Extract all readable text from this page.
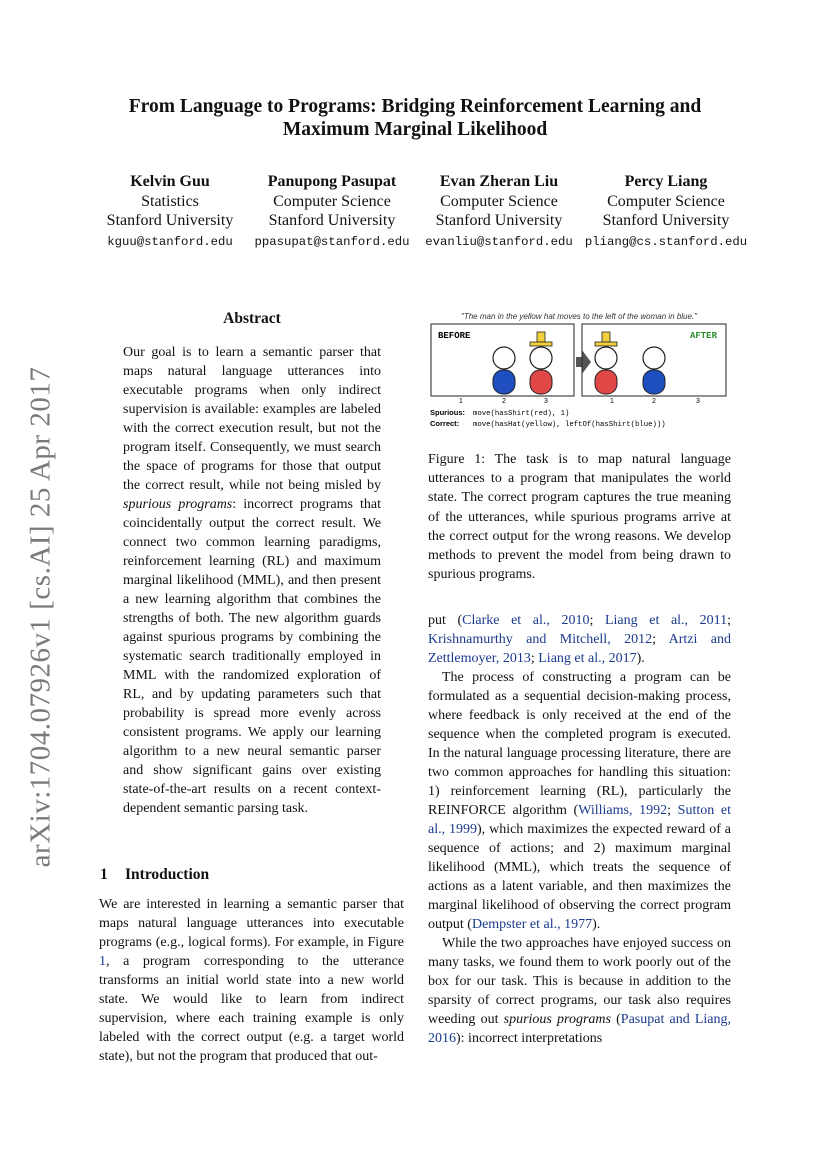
arXiv:1704.07926v1 [cs.AI] 25 Apr 2017
From Language to Programs: Bridging Reinforcement Learning and
Maximum Marginal Likelihood
Kelvin Guu
Statistics
Stanford University
kguu@stanford.edu
Panupong Pasupat
Computer Science
Stanford University
ppasupat@stanford.edu
Evan Zheran Liu
Computer Science
Stanford University
evanliu@stanford.edu
Percy Liang
Computer Science
Stanford University
pliang@cs.stanford.edu
Abstract
Our goal is to learn a semantic parser that maps natural language utterances into executable programs when only indirect supervision is available: examples are labeled with the correct execution result, but not the program itself. Consequently, we must search the space of programs for those that output the correct result, while not being misled by spurious programs: incorrect programs that coincidentally output the correct result. We connect two common learning paradigms, reinforcement learning (RL) and maximum marginal likelihood (MML), and then present a new learning algorithm that combines the strengths of both. The new algorithm guards against spurious programs by combining the systematic search traditionally employed in MML with the randomized exploration of RL, and by updating parameters such that probability is spread more evenly across consistent programs. We apply our learning algorithm to a new neural semantic parser and show significant gains over existing state-of-the-art results on a recent context-dependent semantic parsing task.
1 Introduction
We are interested in learning a semantic parser that maps natural language utterances into executable programs (e.g., logical forms). For example, in Figure 1, a program corresponding to the utterance transforms an initial world state into a new world state. We would like to learn from indirect supervision, where each training example is only labeled with the correct output (e.g. a target world state), but not the program that produced that out-
"The man in the yellow hat moves to the left of the woman in blue."
BEFORE	AFTER
1	2	3	1	2	3
Spurious: move(hasShirt(red), 1)
Correct: move(hasHat(yellow), leftOf(hasShirt(blue)))
Figure 1: The task is to map natural language utterances to a program that manipulates the world state. The correct program captures the true meaning of the utterances, while spurious programs arrive at the correct output for the wrong reasons. We develop methods to prevent the model from being drawn to spurious programs.

put (Clarke et al., 2010; Liang et al., 2011; Krishnamurthy and Mitchell, 2012; Artzi and Zettlemoyer, 2013; Liang et al., 2017).

The process of constructing a program can be formulated as a sequential decision-making process, where feedback is only received at the end of the sequence when the completed program is executed. In the natural language processing literature, there are two common approaches for handling this situation: 1) reinforcement learning (RL), particularly the REINFORCE algorithm (Williams, 1992; Sutton et al., 1999), which maximizes the expected reward of a sequence of actions; and 2) maximum marginal likelihood (MML), which treats the sequence of actions as a latent variable, and then maximizes the marginal likelihood of observing the correct program output (Dempster et al., 1977).

While the two approaches have enjoyed success on many tasks, we found them to work poorly out of the box for our task. This is because in addition to the sparsity of correct programs, our task also requires weeding out spurious programs (Pasupat and Liang, 2016): incorrect interpretations
